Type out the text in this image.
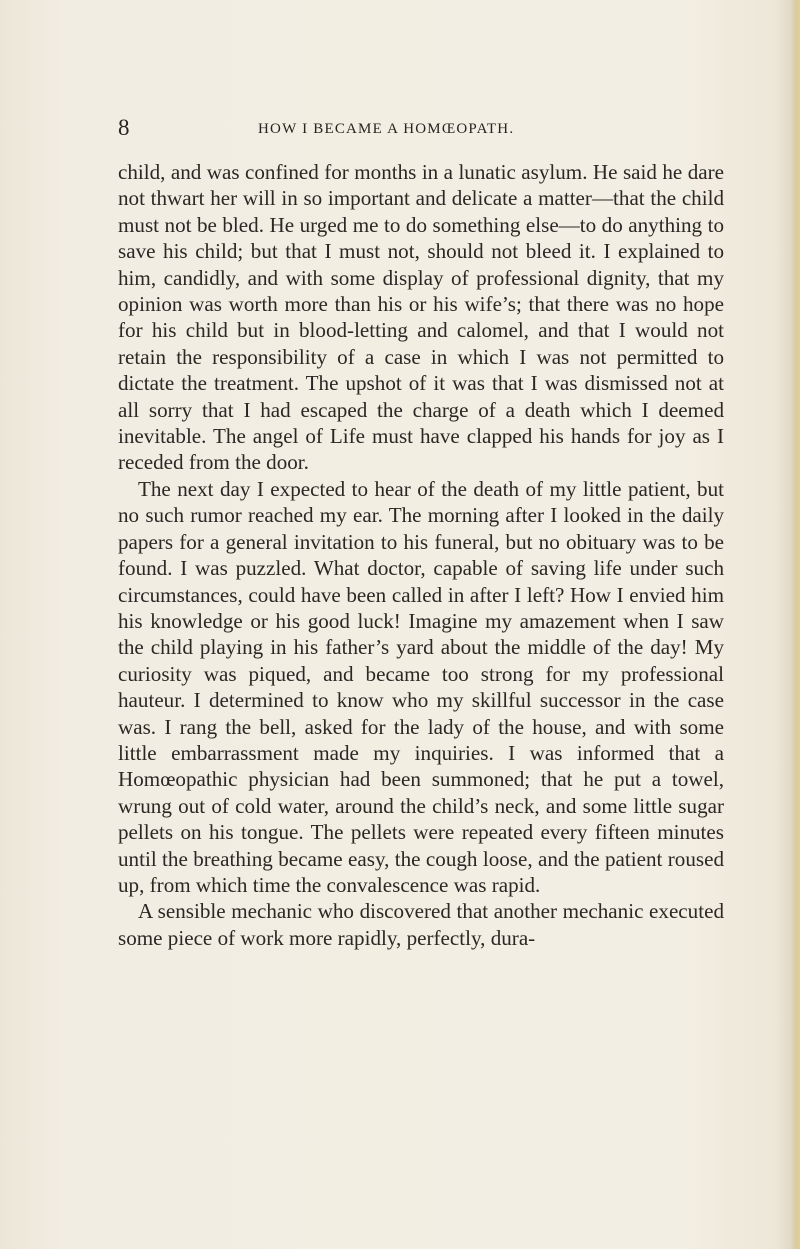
8	HOW I BECAME A HOMŒOPATH.

child, and was confined for months in a lunatic asylum. He said he dare not thwart her will in so important and delicate a matter—that the child must not be bled. He urged me to do something else—to do anything to save his child; but that I must not, should not bleed it. I explained to him, candidly, and with some display of professional dignity, that my opinion was worth more than his or his wife’s; that there was no hope for his child but in blood-letting and calomel, and that I would not retain the responsibility of a case in which I was not permitted to dictate the treatment. The upshot of it was that I was dismissed not at all sorry that I had escaped the charge of a death which I deemed inevitable. The angel of Life must have clapped his hands for joy as I receded from the door.

The next day I expected to hear of the death of my little patient, but no such rumor reached my ear. The morning after I looked in the daily papers for a general invitation to his funeral, but no obituary was to be found. I was puzzled. What doctor, capable of saving life under such circumstances, could have been called in after I left? How I envied him his knowledge or his good luck! Imagine my amazement when I saw the child playing in his father’s yard about the middle of the day! My curiosity was piqued, and became too strong for my professional hauteur. I determined to know who my skillful successor in the case was. I rang the bell, asked for the lady of the house, and with some little embarrassment made my inquiries. I was informed that a Homœopathic physician had been summoned; that he put a towel, wrung out of cold water, around the child’s neck, and some little sugar pellets on his tongue. The pellets were repeated every fifteen minutes until the breathing became easy, the cough loose, and the patient roused up, from which time the convalescence was rapid.

A sensible mechanic who discovered that another mechanic executed some piece of work more rapidly, perfectly, dura-
